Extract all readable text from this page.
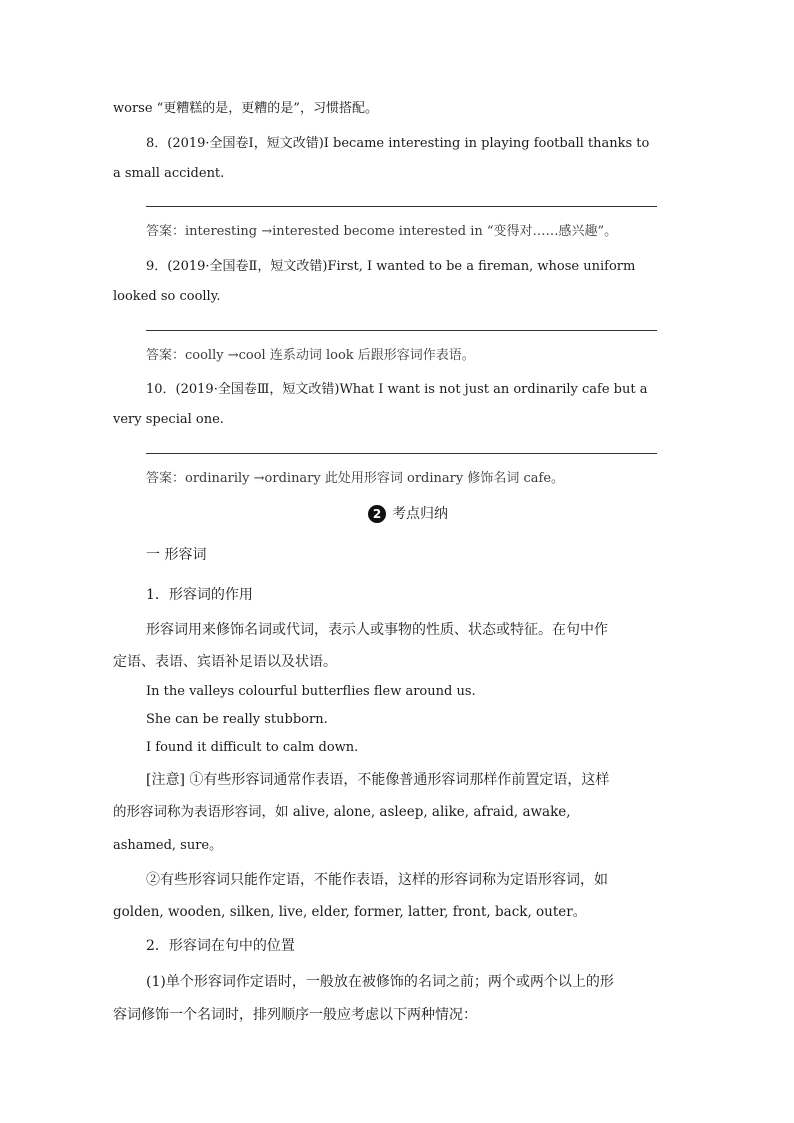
worse “更糟糕的是，更糟的是”，习惯搭配。
8．(2019·全国卷Ⅰ，短文改错)I became interesting in playing football thanks to
a small accident.
答案：interesting →interested become interested in “变得对……感兴趣”。
9．(2019·全国卷Ⅱ，短文改错)First, I wanted to be a fireman, whose uniform
looked so coolly.
答案：coolly →cool 连系动词 look 后跟形容词作表语。
10．(2019·全国卷Ⅲ，短文改错)What I want is not just an ordinarily cafe but a
very special one.
答案：ordinarily →ordinary 此处用形容词 ordinary 修饰名词 cafe。
2 考点归纳
一 形容词
1．形容词的作用
形容词用来修饰名词或代词，表示人或事物的性质、状态或特征。在句中作
定语、表语、宾语补足语以及状语。
In the valleys colourful butterflies flew around us.
She can be really stubborn.
I found it difficult to calm down.
[注意] ①有些形容词通常作表语，不能像普通形容词那样作前置定语，这样
的形容词称为表语形容词，如 alive, alone, asleep, alike, afraid, awake,
ashamed, sure。
②有些形容词只能作定语，不能作表语，这样的形容词称为定语形容词，如
golden, wooden, silken, live, elder, former, latter, front, back, outer。
2．形容词在句中的位置
(1)单个形容词作定语时，一般放在被修饰的名词之前；两个或两个以上的形
容词修饰一个名词时，排列顺序一般应考虑以下两种情况：
